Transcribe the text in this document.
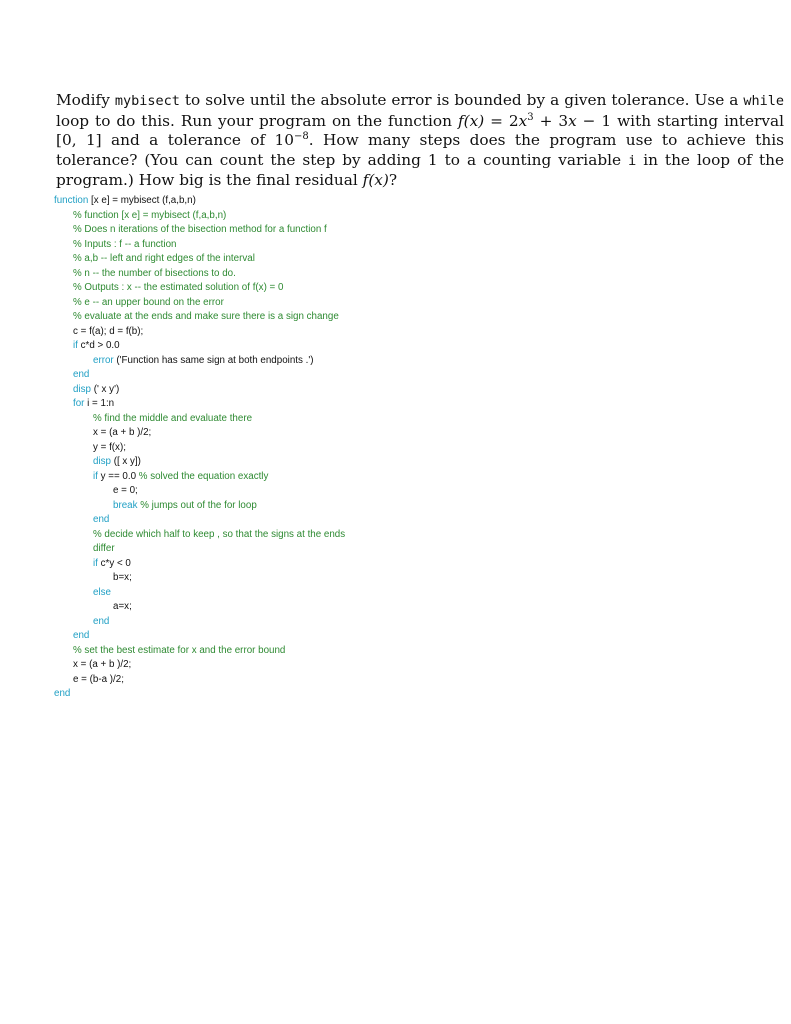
Modify mybisect to solve until the absolute error is bounded by a given tolerance. Use a while loop to do this. Run your program on the function $f(x) = 2x^3 + 3x - 1$ with starting interval [0, 1] and a tolerance of $10^{-8}$. How many steps does the program use to achieve this tolerance? (You can count the step by adding 1 to a counting variable i in the loop of the program.) How big is the final residual f(x)?
function [x e] = mybisect (f,a,b,n)
% function [x e] = mybisect (f,a,b,n)
% Does n iterations of the bisection method for a function f
% Inputs : f -- a function
% a,b -- left and right edges of the interval
% n -- the number of bisections to do.
% Outputs : x -- the estimated solution of f(x) = 0
% e -- an upper bound on the error
% evaluate at the ends and make sure there is a sign change
c = f(a); d = f(b);
if c*d > 0.0
error ('Function has same sign at both endpoints .')
end
disp (' x y')
for i = 1:n
% find the middle and evaluate there
x = (a + b )/2;
y = f(x);
disp ([ x y])
if y == 0.0 % solved the equation exactly
e = 0;
break % jumps out of the for loop
end
% decide which half to keep , so that the signs at the ends
differ
if c*y < 0
b=x;
else
a=x;
end
end
% set the best estimate for x and the error bound
x = (a + b )/2;
e = (b-a )/2;
end
